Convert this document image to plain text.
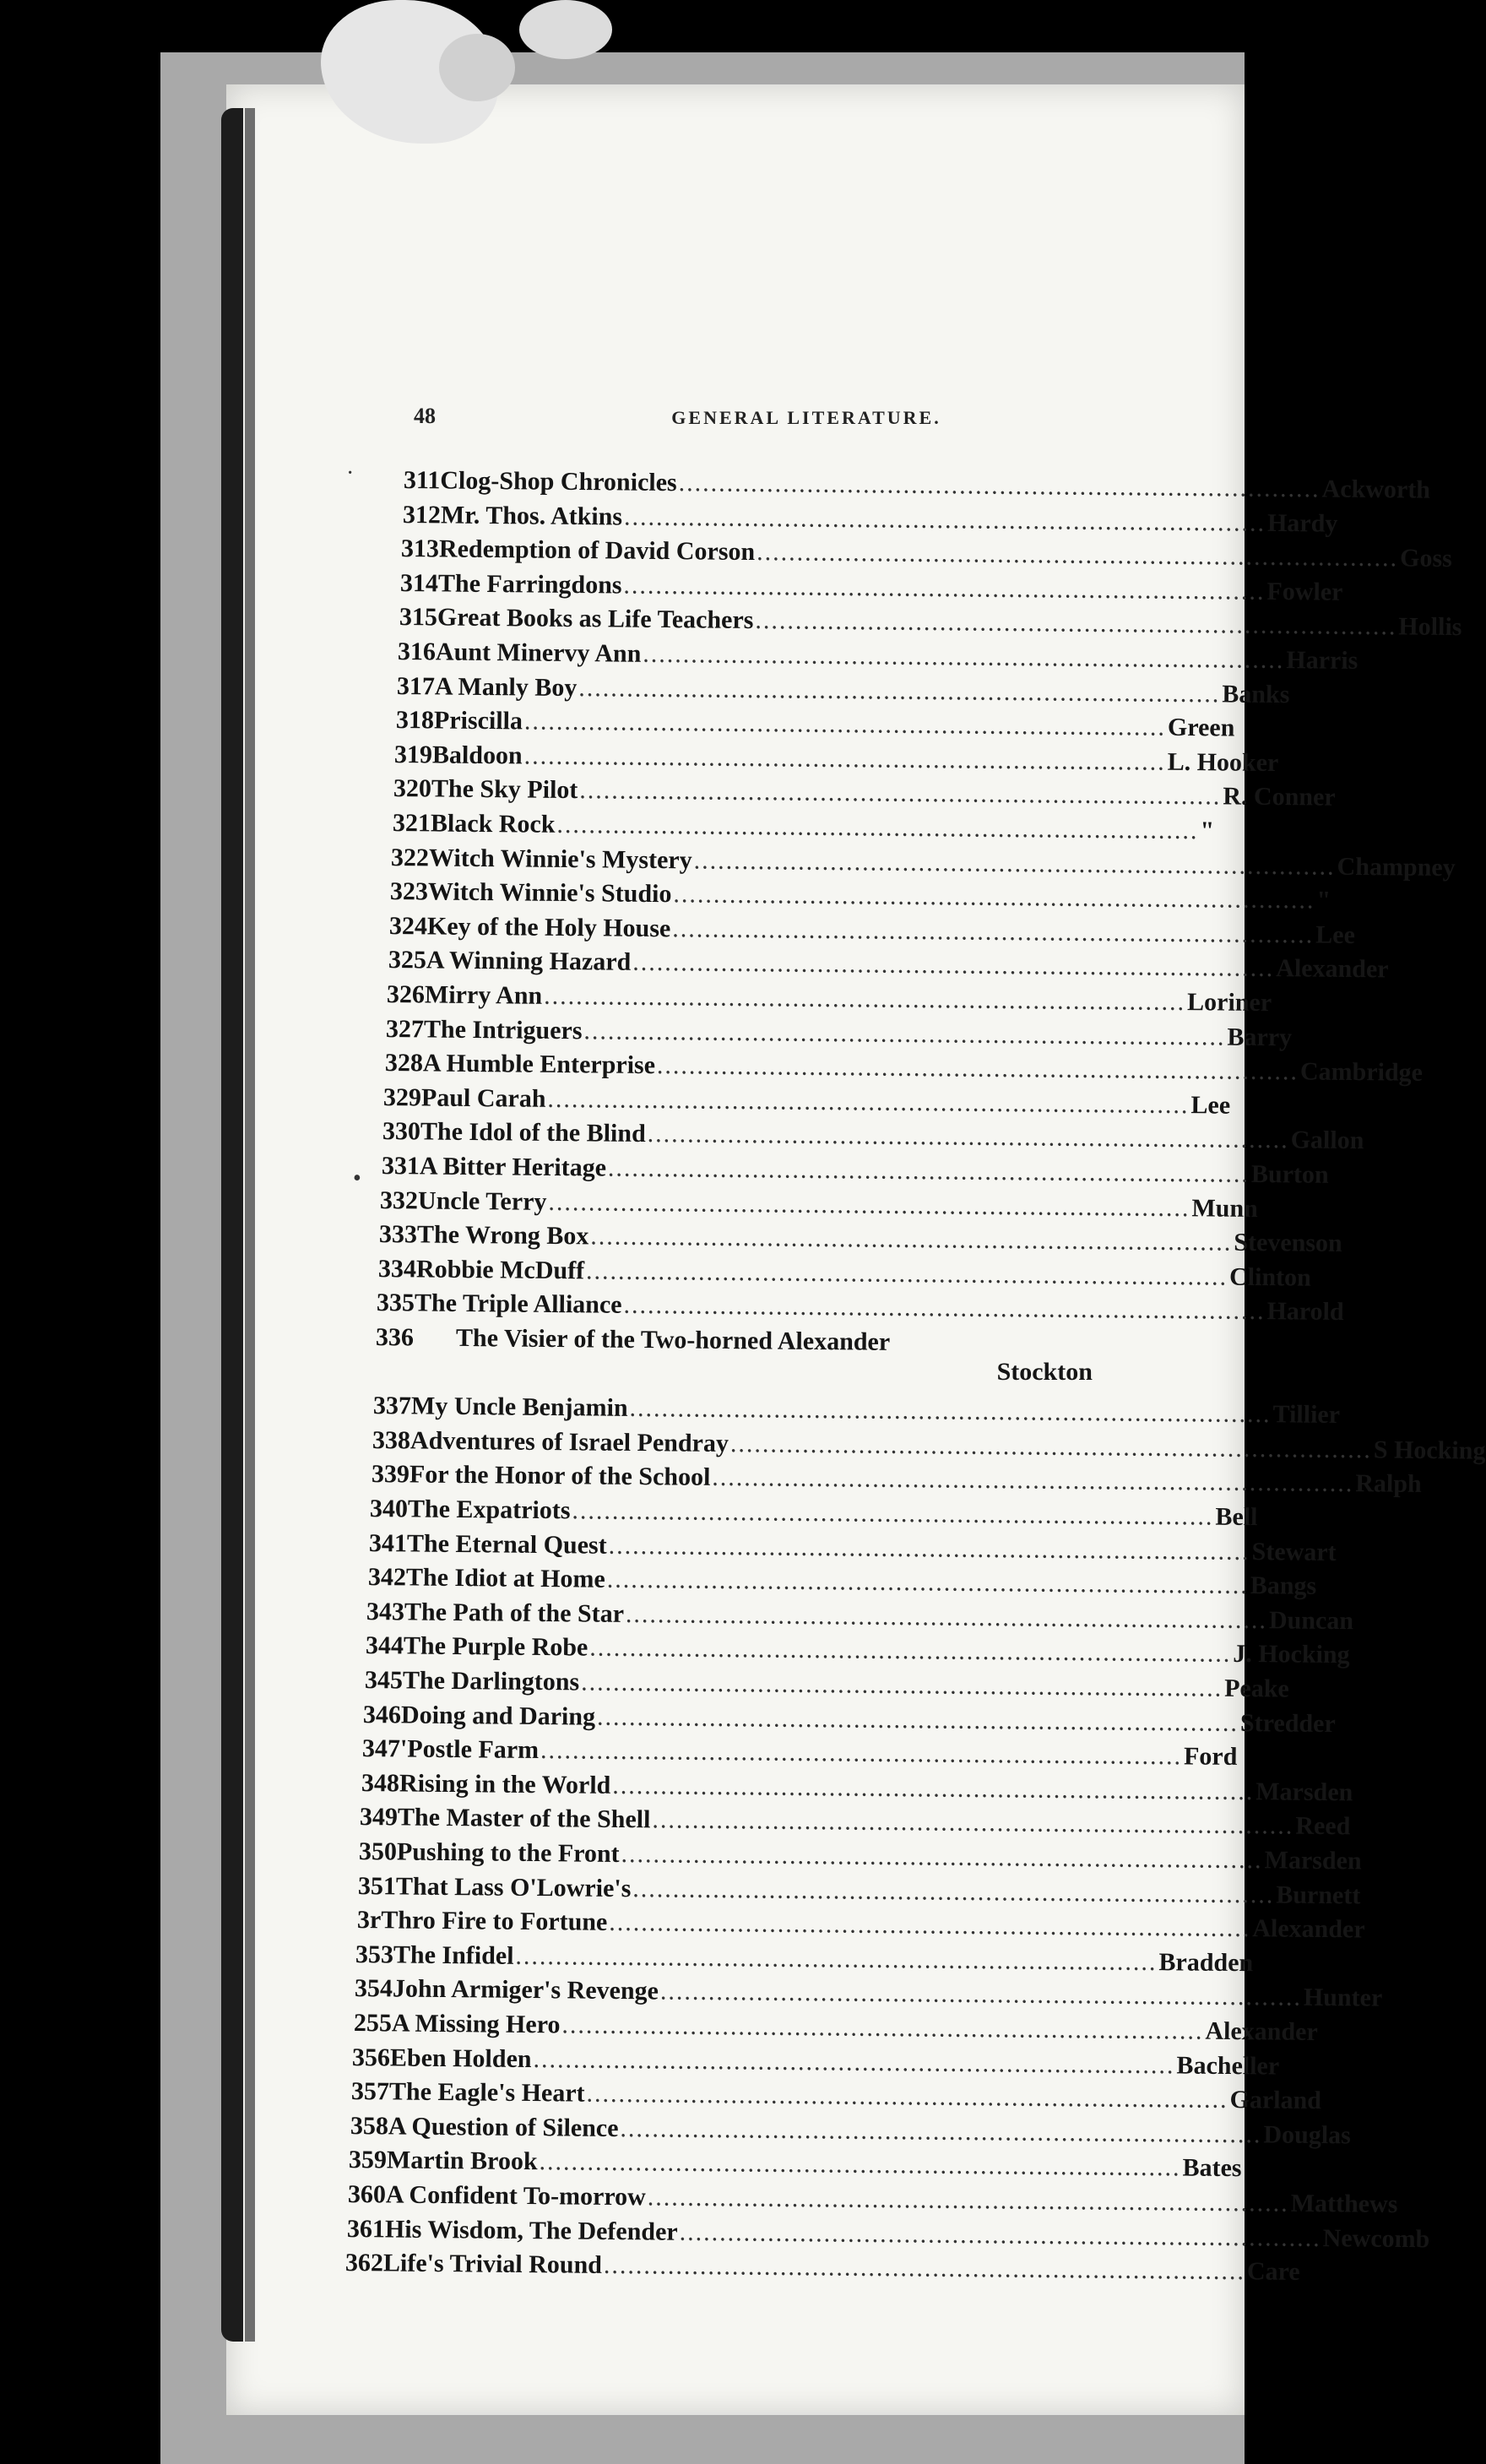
48	GENERAL LITERATURE.
·
•
311 Clog-Shop Chronicles ................................................................................ Ackworth
312 Mr. Thos. Atkins ................................................................................ Hardy
313 Redemption of David Corson ................................................................................ Goss
314 The Farringdons ................................................................................ Fowler
315 Great Books as Life Teachers ................................................................................ Hollis
316 Aunt Minervy Ann ................................................................................ Harris
317 A Manly Boy ................................................................................ Banks
318 Priscilla ................................................................................ Green
319 Baldoon ................................................................................ L. Hooker
320 The Sky Pilot ................................................................................ R. Conner
321 Black Rock ................................................................................ "
322 Witch Winnie's Mystery ................................................................................ Champney
323 Witch Winnie's Studio ................................................................................ "
324 Key of the Holy House ................................................................................ Lee
325 A Winning Hazard ................................................................................ Alexander
326 Mirry Ann ................................................................................ Loriner
327 The Intriguers ................................................................................ Barry
328 A Humble Enterprise ................................................................................ Cambridge
329 Paul Carah ................................................................................ Lee
330 The Idol of the Blind ................................................................................ Gallon
331 A Bitter Heritage ................................................................................ Burton
332 Uncle Terry ................................................................................ Munn
333 The Wrong Box ................................................................................ Stevenson
334 Robbie McDuff ................................................................................ Clinton
335 The Triple Alliance ................................................................................ Harold
336	The Visier of the Two-horned Alexander
Stockton
337 My Uncle Benjamin ................................................................................ Tillier
338 Adventures of Israel Pendray ................................................................................ S Hocking
339 For the Honor of the School ................................................................................ Ralph
340 The Expatriots ................................................................................ Bell
341 The Eternal Quest ................................................................................ Stewart
342 The Idiot at Home ................................................................................ Bangs
343 The Path of the Star ................................................................................ Duncan
344 The Purple Robe ................................................................................ J. Hocking
345 The Darlingtons ................................................................................ Peake
346 Doing and Daring ................................................................................ Stredder
347 'Postle Farm ................................................................................ Ford
348 Rising in the World ................................................................................ Marsden
349 The Master of the Shell ................................................................................ Reed
350 Pushing to the Front ................................................................................ Marsden
351 That Lass O'Lowrie's ................................................................................ Burnett
3r Thro Fire to Fortune ................................................................................ Alexander
353 The Infidel ................................................................................ Bradden
354 John Armiger's Revenge ................................................................................ Hunter
255 A Missing Hero ................................................................................ Alexander
356 Eben Holden ................................................................................ Bacheller
357 The Eagle's Heart ................................................................................ Garland
358 A Question of Silence ................................................................................ Douglas
359 Martin Brook ................................................................................ Bates
360 A Confident To-morrow ................................................................................ Matthews
361 His Wisdom, The Defender ................................................................................ Newcomb
362 Life's Trivial Round ................................................................................ Care
